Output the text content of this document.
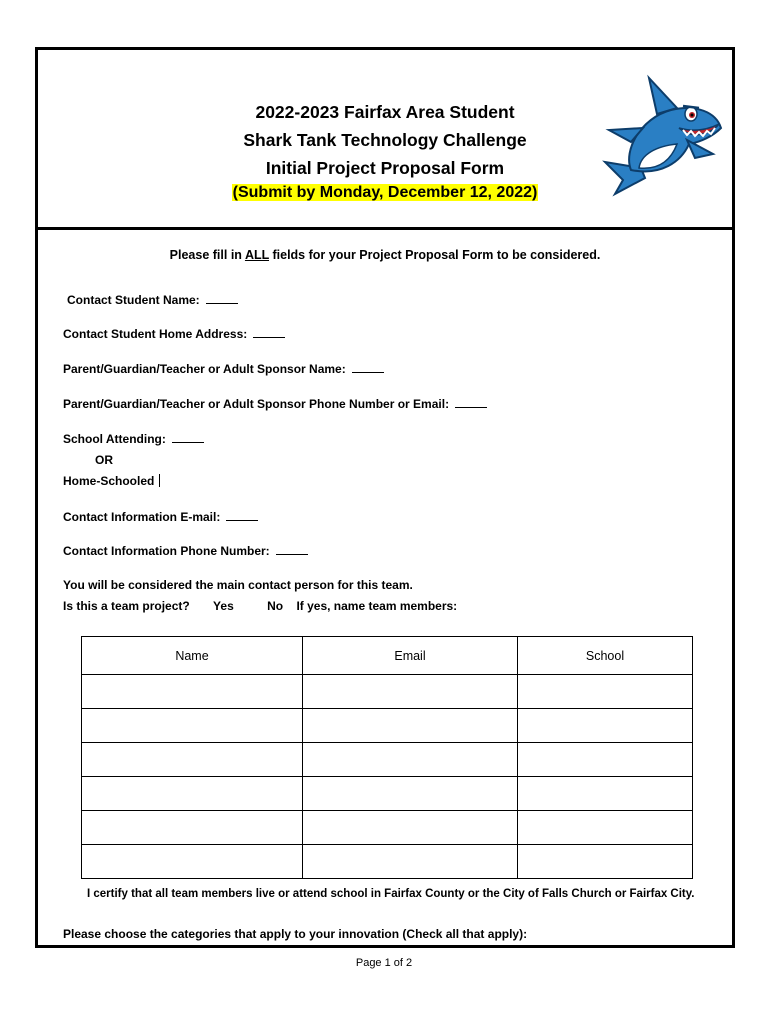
2022-2023 Fairfax Area Student
Shark Tank Technology Challenge
Initial Project Proposal Form
(Submit by Monday, December 12, 2022)
Please fill in ALL fields for your Project Proposal Form to be considered.
Contact Student Name:
Contact Student Home Address:
Parent/Guardian/Teacher or Adult Sponsor Name:
Parent/Guardian/Teacher or Adult Sponsor Phone Number or Email:
School Attending:
OR
Home-Schooled
Contact Information E-mail:
Contact Information Phone Number:
You will be considered the main contact person for this team.
Is this a team project? Yes	No If yes, name team members:
Name	Email	School

I certify that all team members live or attend school in Fairfax County or the City of Falls Church or Fairfax City.
Please choose the categories that apply to your innovation (Check all that apply):
Page 1 of 2
